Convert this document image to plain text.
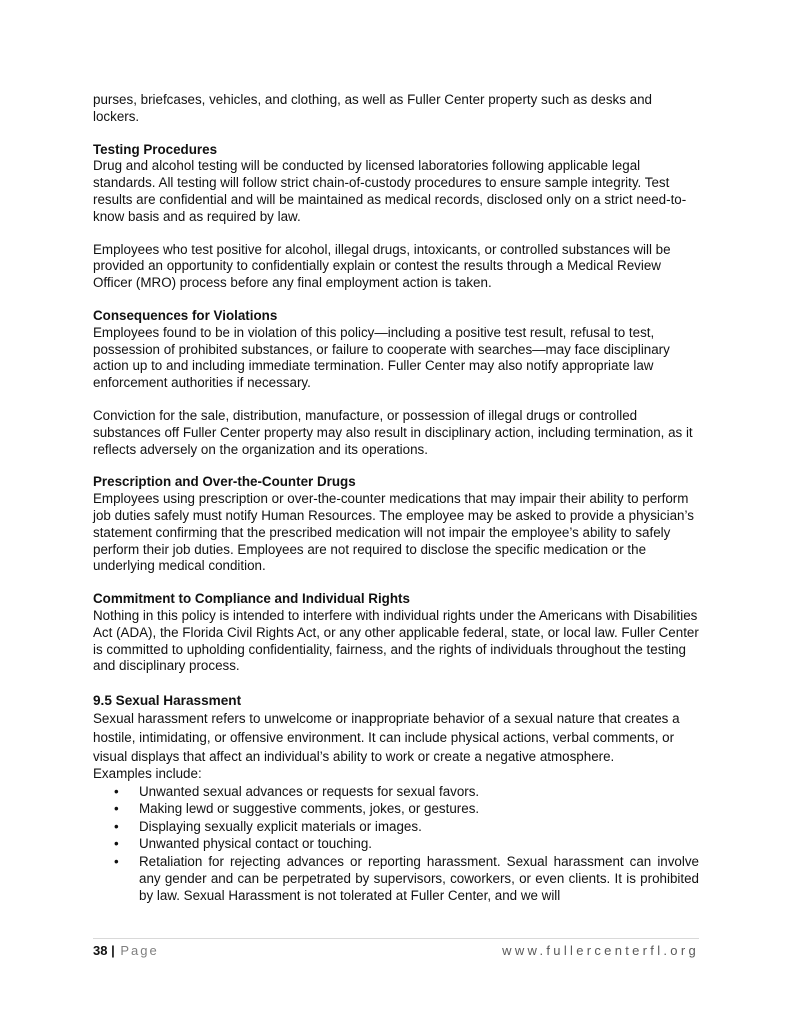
purses, briefcases, vehicles, and clothing, as well as Fuller Center property such as desks and lockers.

Testing Procedures

Drug and alcohol testing will be conducted by licensed laboratories following applicable legal standards. All testing will follow strict chain-of-custody procedures to ensure sample integrity. Test results are confidential and will be maintained as medical records, disclosed only on a strict need-to-know basis and as required by law.

Employees who test positive for alcohol, illegal drugs, intoxicants, or controlled substances will be provided an opportunity to confidentially explain or contest the results through a Medical Review Officer (MRO) process before any final employment action is taken.

Consequences for Violations

Employees found to be in violation of this policy—including a positive test result, refusal to test, possession of prohibited substances, or failure to cooperate with searches—may face disciplinary action up to and including immediate termination. Fuller Center may also notify appropriate law enforcement authorities if necessary.

Conviction for the sale, distribution, manufacture, or possession of illegal drugs or controlled substances off Fuller Center property may also result in disciplinary action, including termination, as it reflects adversely on the organization and its operations.

Prescription and Over-the-Counter Drugs

Employees using prescription or over-the-counter medications that may impair their ability to perform job duties safely must notify Human Resources. The employee may be asked to provide a physician’s statement confirming that the prescribed medication will not impair the employee’s ability to safely perform their job duties. Employees are not required to disclose the specific medication or the underlying medical condition.

Commitment to Compliance and Individual Rights

Nothing in this policy is intended to interfere with individual rights under the Americans with Disabilities Act (ADA), the Florida Civil Rights Act, or any other applicable federal, state, or local law. Fuller Center is committed to upholding confidentiality, fairness, and the rights of individuals throughout the testing and disciplinary process.

9.5 Sexual Harassment

Sexual harassment refers to unwelcome or inappropriate behavior of a sexual nature that creates a hostile, intimidating, or offensive environment. It can include physical actions, verbal comments, or visual displays that affect an individual’s ability to work or create a negative atmosphere.

Examples include:

• Unwanted sexual advances or requests for sexual favors.
• Making lewd or suggestive comments, jokes, or gestures.
• Displaying sexually explicit materials or images.
• Unwanted physical contact or touching.
• Retaliation for rejecting advances or reporting harassment. Sexual harassment can involve any gender and can be perpetrated by supervisors, coworkers, or even clients. It is prohibited by law. Sexual Harassment is not tolerated at Fuller Center, and we will
38 | Page	www.fullercenterfl.org
